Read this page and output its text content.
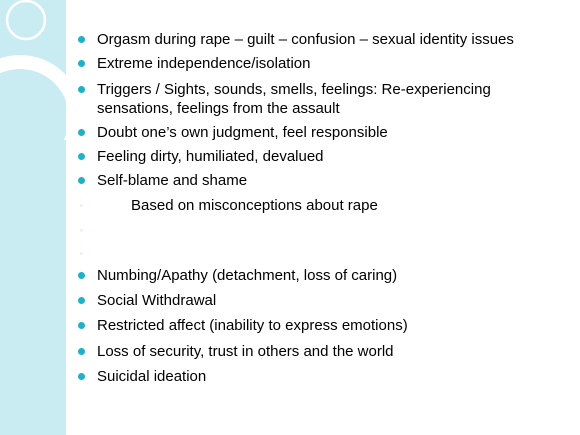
Orgasm during rape – guilt – confusion – sexual identity issues
Extreme independence/isolation
Triggers / Sights, sounds, smells, feelings: Re-experiencing sensations, feelings from the assault
Doubt one’s own judgment, feel responsible
Feeling dirty, humiliated, devalued
Self-blame and shame
Based on misconceptions about rape
Numbing/Apathy (detachment, loss of caring)
Social Withdrawal
Restricted affect (inability to express emotions)
Loss of security, trust in others and the world
Suicidal ideation
